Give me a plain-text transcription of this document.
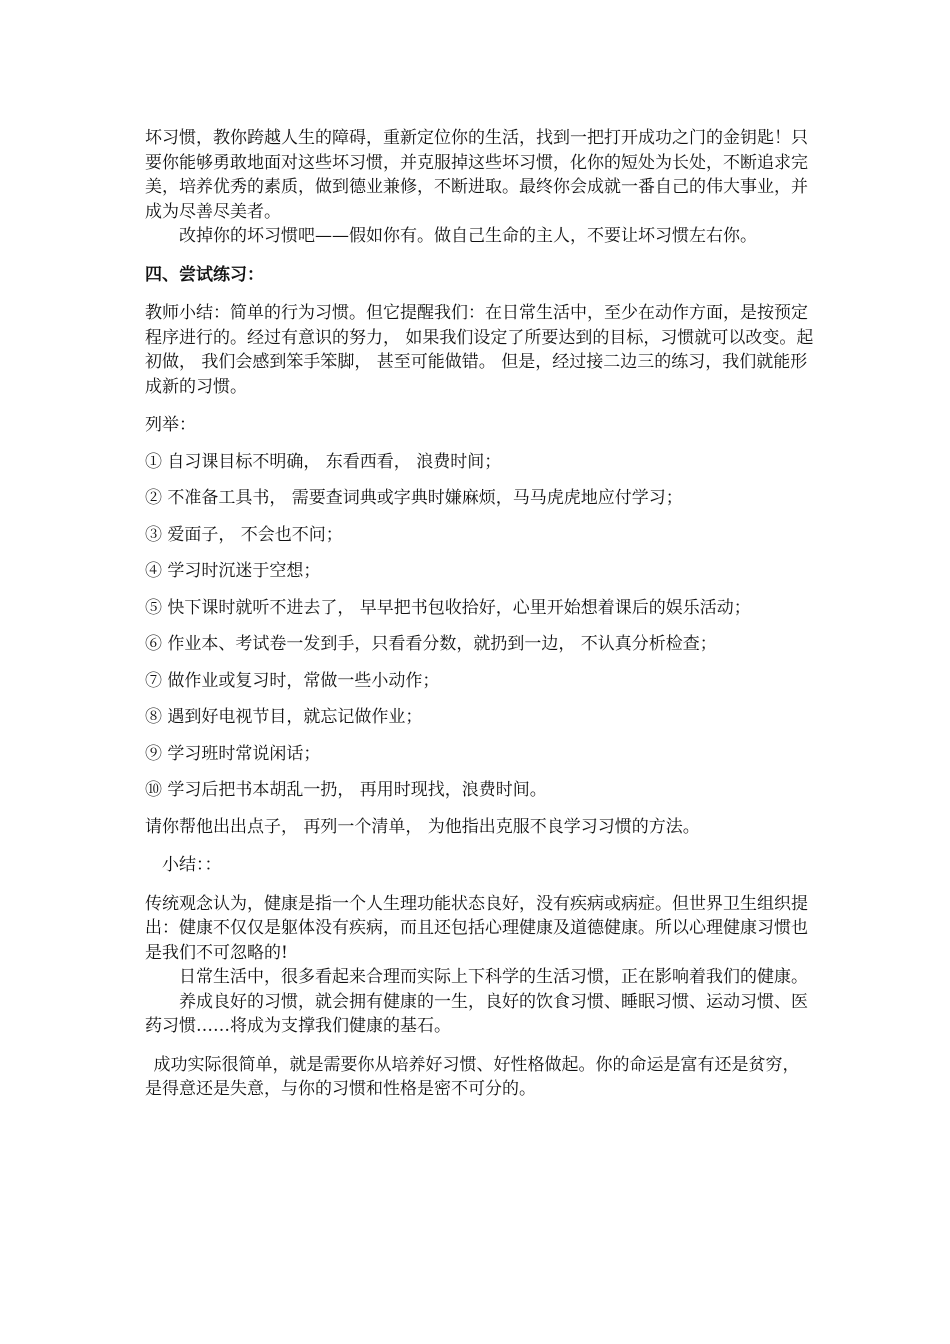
坏习惯，教你跨越人生的障碍，重新定位你的生活，找到一把打开成功之门的金钥匙！只要你能够勇敢地面对这些坏习惯，并克服掉这些坏习惯，化你的短处为长处，不断追求完美，培养优秀的素质，做到德业兼修，不断进取。最终你会成就一番自己的伟大事业，并成为尽善尽美者。

改掉你的坏习惯吧——假如你有。做自己生命的主人，不要让坏习惯左右你。

四、尝试练习：

教师小结：简单的行为习惯。但它提醒我们：在日常生活中，至少在动作方面，是按预定程序进行的。经过有意识的努力， 如果我们设定了所要达到的目标，习惯就可以改变。起初做， 我们会感到笨手笨脚， 甚至可能做错。 但是，经过接二边三的练习，我们就能形成新的习惯。

列举：

① 自习课目标不明确， 东看西看， 浪费时间；

② 不准备工具书， 需要查词典或字典时嫌麻烦，马马虎虎地应付学习；

③ 爱面子， 不会也不问；

④ 学习时沉迷于空想；

⑤ 快下课时就听不进去了， 早早把书包收拾好，心里开始想着课后的娱乐活动；

⑥ 作业本、考试卷一发到手，只看看分数，就扔到一边， 不认真分析检查；

⑦ 做作业或复习时，常做一些小动作；

⑧ 遇到好电视节目，就忘记做作业；

⑨ 学习班时常说闲话；

⑩ 学习后把书本胡乱一扔， 再用时现找，浪费时间。

请你帮他出出点子， 再列一个清单， 为他指出克服不良学习习惯的方法。

小结：：

传统观念认为，健康是指一个人生理功能状态良好，没有疾病或病症。但世界卫生组织提出：健康不仅仅是躯体没有疾病，而且还包括心理健康及道德健康。所以心理健康习惯也是我们不可忽略的!

日常生活中，很多看起来合理而实际上下科学的生活习惯，正在影响着我们的健康。

养成良好的习惯，就会拥有健康的一生，良好的饮食习惯、睡眠习惯、运动习惯、医药习惯……将成为支撑我们健康的基石。

成功实际很简单，就是需要你从培养好习惯、好性格做起。你的命运是富有还是贫穷，是得意还是失意，与你的习惯和性格是密不可分的。
